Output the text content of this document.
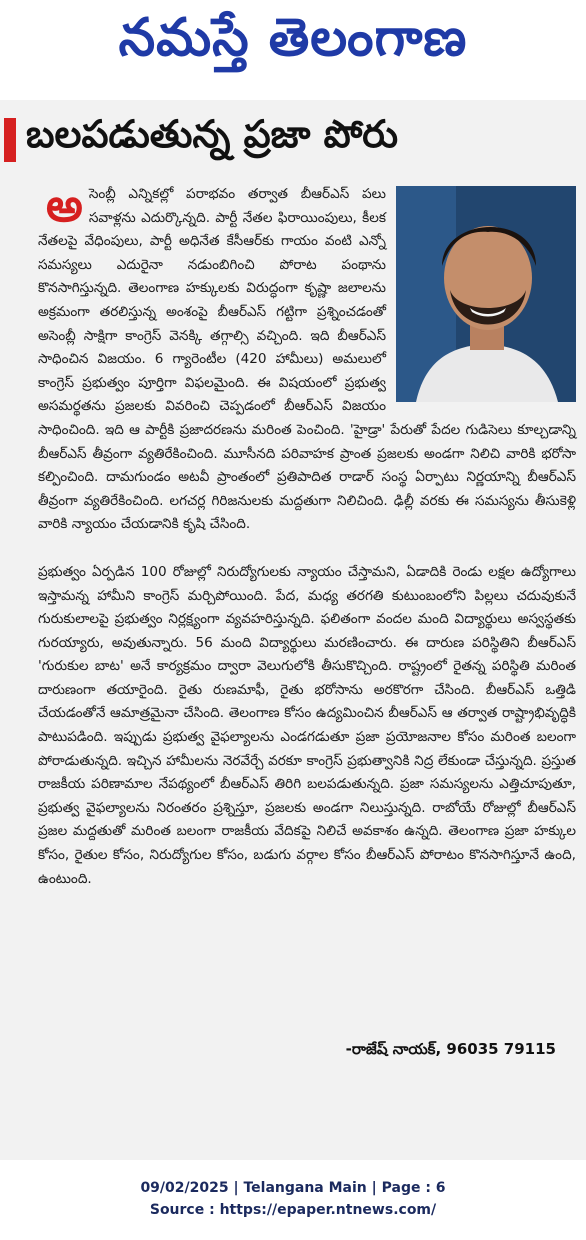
నమస్తే తెలంగాణ
బలపడుతున్న ప్రజా పోరు

అ సెంబ్లీ ఎన్నికల్లో పరాభవం తర్వాత బీఆర్ఎస్ పలు సవాళ్లను ఎదుర్కొన్నది. పార్టీ నేతల ఫిరాయింపులు, కీలక నేతలపై వేధింపులు, పార్టీ అధినేత కేసీఆర్‌కు గాయం వంటి ఎన్నో సమస్యలు ఎదురైనా నడుంబిగించి పోరాట పంథాను కొనసాగిస్తున్నది. తెలంగాణ హక్కులకు విరుద్ధంగా కృష్ణా జలాలను అక్రమంగా తరలిస్తున్న అంశంపై బీఆర్ఎస్ గట్టిగా ప్రశ్నించడంతో అసెంబ్లీ సాక్షిగా కాంగ్రెస్ వెనక్కి తగ్గాల్సి వచ్చింది. ఇది బీఆర్ఎస్ సాధించిన విజయం. 6 గ్యారెంటీల (420 హామీలు) అమలులో కాంగ్రెస్ ప్రభుత్వం పూర్తిగా విఫలమైంది. ఈ విషయంలో ప్రభుత్వ అసమర్థతను ప్రజలకు వివరించి చెప్పడంలో బీఆర్ఎస్ విజయం సాధించింది. ఇది ఆ పార్టీకి ప్రజాదరణను మరింత పెంచింది. 'హైడ్రా' పేరుతో పేదల గుడిసెలు కూల్చడాన్ని బీఆర్ఎస్ తీవ్రంగా వ్యతిరేకించింది. మూసీనది పరివాహక ప్రాంత ప్రజలకు అండగా నిలిచి వారికి భరోసా కల్పించింది. దామగుండం అటవీ ప్రాంతంలో ప్రతిపాదిత రాడార్ సంస్థ ఏర్పాటు నిర్ణయాన్ని బీఆర్ఎస్ తీవ్రంగా వ్యతిరేకించింది. లగచర్ల గిరిజనులకు మద్దతుగా నిలిచింది. ఢిల్లీ వరకు ఈ సమస్యను తీసుకెళ్లి వారికి న్యాయం చేయడానికి కృషి చేసింది.

ప్రభుత్వం ఏర్పడిన 100 రోజుల్లో నిరుద్యోగులకు న్యాయం చేస్తామని, ఏడాదికి రెండు లక్షల ఉద్యోగాలు ఇస్తామన్న హామీని కాంగ్రెస్ మర్చిపోయింది. పేద, మధ్య తరగతి కుటుంబంలోని పిల్లలు చదువుకునే గురుకులాలపై ప్రభుత్వం నిర్లక్ష్యంగా వ్యవహరిస్తున్నది. ఫలితంగా వందల మంది విద్యార్థులు అస్వస్థతకు గురయ్యారు, అవుతున్నారు. 56 మంది విద్యార్థులు మరణించారు. ఈ దారుణ పరిస్థితిని బీఆర్ఎస్ 'గురుకుల బాట' అనే కార్యక్రమం ద్వారా వెలుగులోకి తీసుకొచ్చింది. రాష్ట్రంలో రైతన్న పరిస్థితి మరింత దారుణంగా తయారైంది. రైతు రుణమాఫీ, రైతు భరోసాను అరకొరగా చేసింది. బీఆర్ఎస్ ఒత్తిడి చేయడంతోనే ఆమాత్రమైనా చేసింది. తెలంగాణ కోసం ఉద్యమించిన బీఆర్ఎస్ ఆ తర్వాత రాష్ట్రాభివృద్ధికి పాటుపడింది. ఇప్పుడు ప్రభుత్వ వైఫల్యాలను ఎండగడుతూ ప్రజా ప్రయోజనాల కోసం మరింత బలంగా పోరాడుతున్నది. ఇచ్చిన హామీలను నెరవేర్చే వరకూ కాంగ్రెస్ ప్రభుత్వానికి నిద్ర లేకుండా చేస్తున్నది. ప్రస్తుత రాజకీయ పరిణామాల నేపథ్యంలో బీఆర్ఎస్ తిరిగి బలపడుతున్నది. ప్రజా సమస్యలను ఎత్తిచూపుతూ, ప్రభుత్వ వైఫల్యాలను నిరంతరం ప్రశ్నిస్తూ, ప్రజలకు అండగా నిలుస్తున్నది. రాబోయే రోజుల్లో బీఆర్ఎస్ ప్రజల మద్దతుతో మరింత బలంగా రాజకీయ వేదికపై నిలిచే అవకాశం ఉన్నది. తెలంగాణ ప్రజా హక్కుల కోసం, రైతుల కోసం, నిరుద్యోగుల కోసం, బడుగు వర్గాల కోసం బీఆర్ఎస్ పోరాటం కొనసాగిస్తూనే ఉంది, ఉంటుంది.

-రాజేష్ నాయక్, 96035 79115
09/02/2025 | Telangana Main | Page : 6
Source : https://epaper.ntnews.com/
